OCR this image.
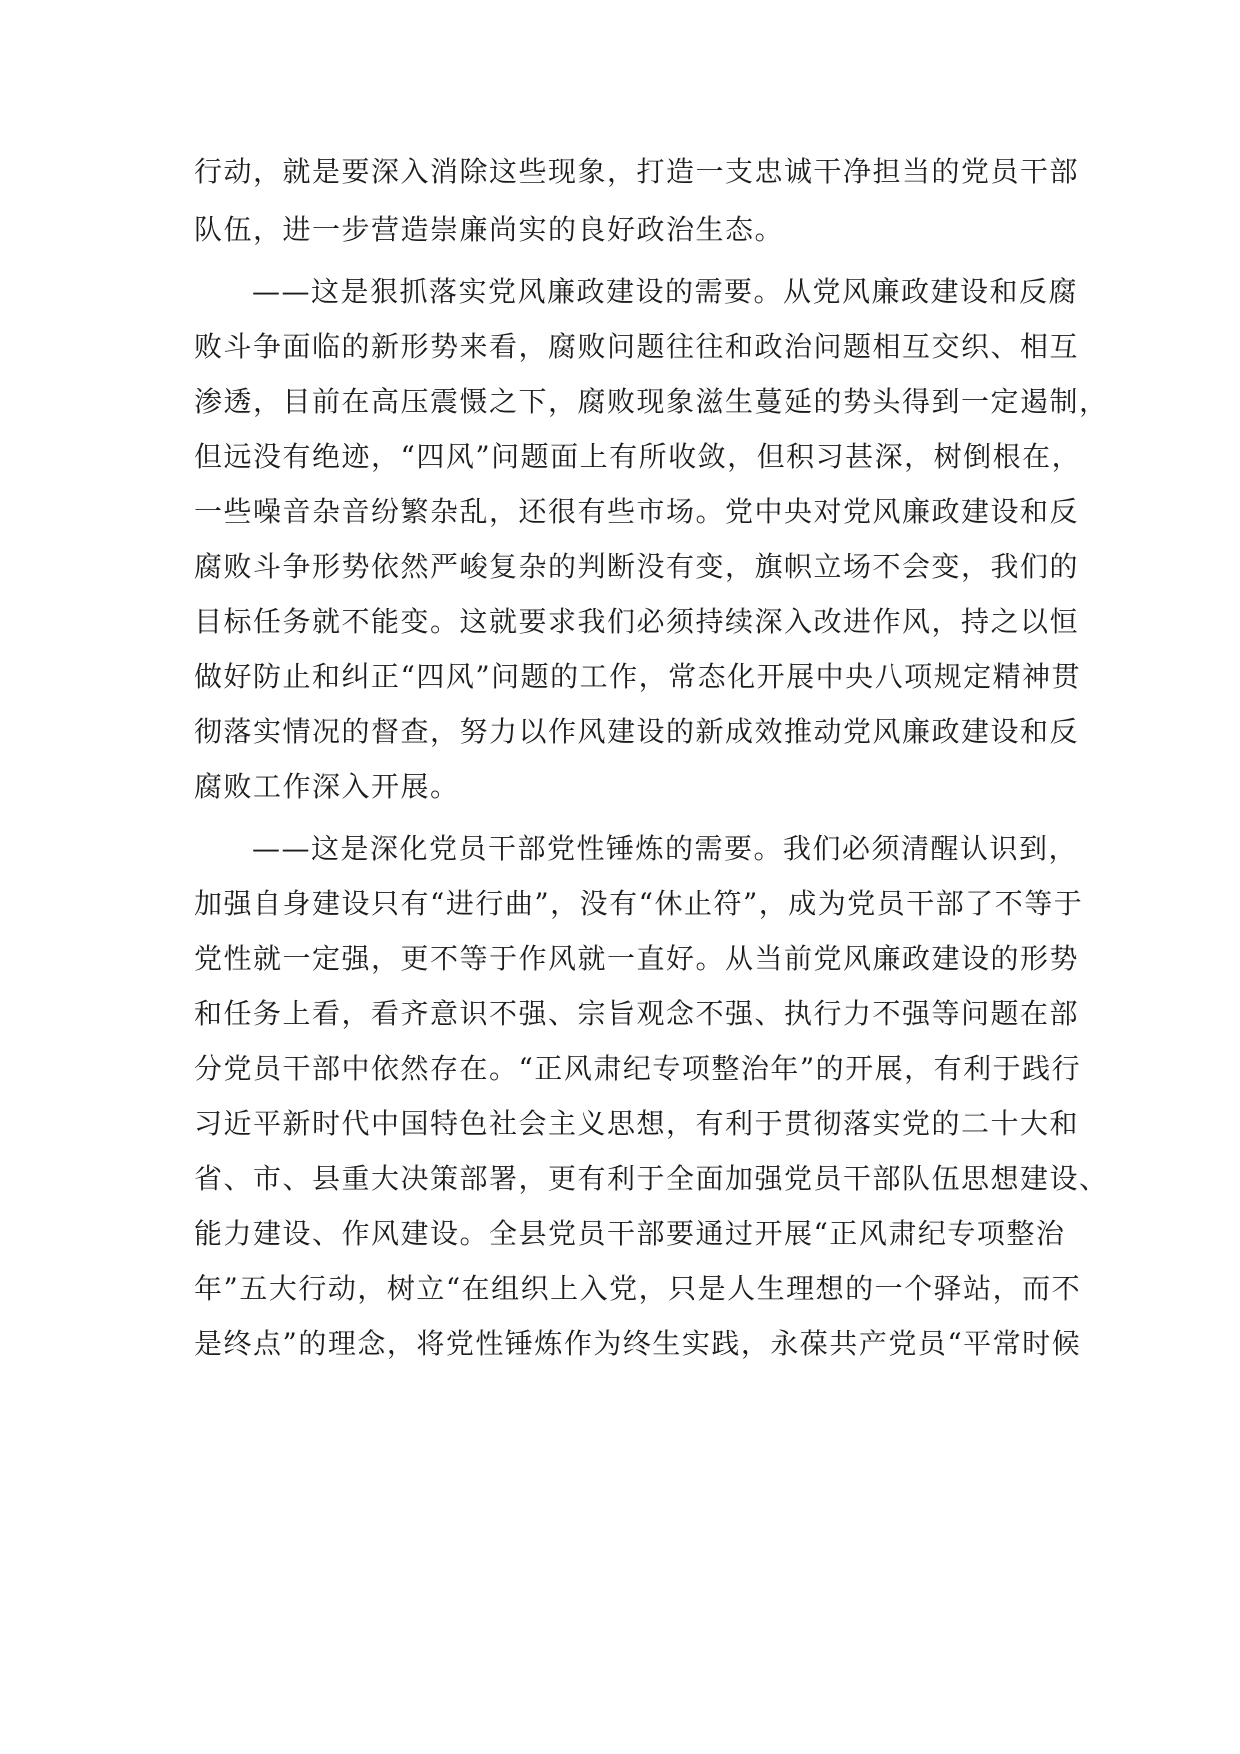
行动，就是要深入消除这些现象，打造一支忠诚干净担当的党员干部
队伍，进一步营造崇廉尚实的良好政治生态。
——这是狠抓落实党风廉政建设的需要。从党风廉政建设和反腐
败斗争面临的新形势来看，腐败问题往往和政治问题相互交织、相互
渗透，目前在高压震慑之下，腐败现象滋生蔓延的势头得到一定遏制，
但远没有绝迹，“四风”问题面上有所收敛，但积习甚深，树倒根在，
一些噪音杂音纷繁杂乱，还很有些市场。党中央对党风廉政建设和反
腐败斗争形势依然严峻复杂的判断没有变，旗帜立场不会变，我们的
目标任务就不能变。这就要求我们必须持续深入改进作风，持之以恒
做好防止和纠正“四风”问题的工作，常态化开展中央八项规定精神贯
彻落实情况的督查，努力以作风建设的新成效推动党风廉政建设和反
腐败工作深入开展。
——这是深化党员干部党性锤炼的需要。我们必须清醒认识到，
加强自身建设只有“进行曲”，没有“休止符”，成为党员干部了不等于
党性就一定强，更不等于作风就一直好。从当前党风廉政建设的形势
和任务上看，看齐意识不强、宗旨观念不强、执行力不强等问题在部
分党员干部中依然存在。“正风肃纪专项整治年”的开展，有利于践行
习近平新时代中国特色社会主义思想，有利于贯彻落实党的二十大和
省、市、县重大决策部署，更有利于全面加强党员干部队伍思想建设、
能力建设、作风建设。全县党员干部要通过开展“正风肃纪专项整治
年”五大行动，树立“在组织上入党，只是人生理想的一个驿站，而不
是终点”的理念，将党性锤炼作为终生实践，永葆共产党员“平常时候
